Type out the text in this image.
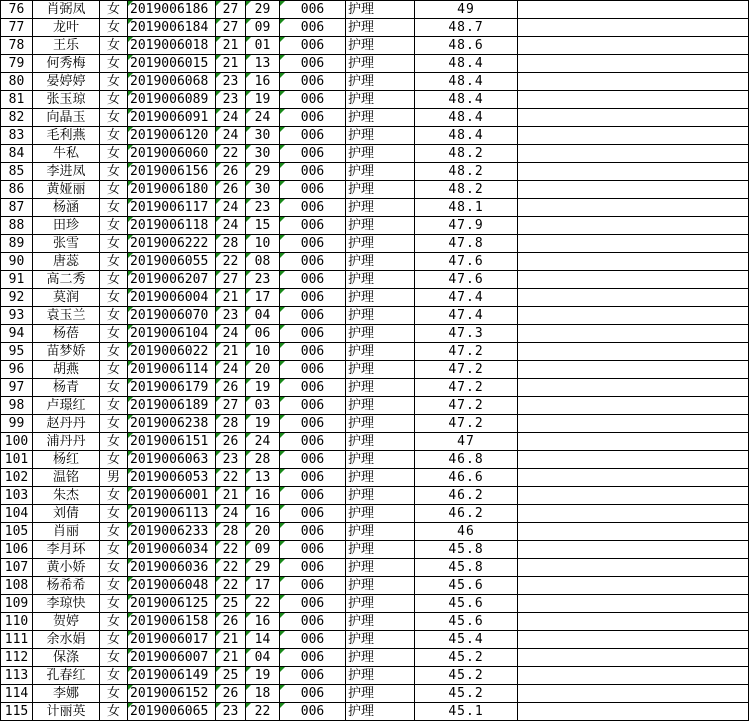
76	肖弼凤	女	2019006186	27	29	006	护理	49	
77	龙叶	女	2019006184	27	09	006	护理	48.7	
78	王乐	女	2019006018	21	01	006	护理	48.6	
79	何秀梅	女	2019006015	21	13	006	护理	48.4	
80	晏婷婷	女	2019006068	23	16	006	护理	48.4	
81	张玉琼	女	2019006089	23	19	006	护理	48.4	
82	向晶玉	女	2019006091	24	24	006	护理	48.4	
83	毛利燕	女	2019006120	24	30	006	护理	48.4	
84	牛私	女	2019006060	22	30	006	护理	48.2	
85	李进凤	女	2019006156	26	29	006	护理	48.2	
86	黄娅丽	女	2019006180	26	30	006	护理	48.2	
87	杨涵	女	2019006117	24	23	006	护理	48.1	
88	田珍	女	2019006118	24	15	006	护理	47.9	
89	张雪	女	2019006222	28	10	006	护理	47.8	
90	唐蕊	女	2019006055	22	08	006	护理	47.6	
91	高二秀	女	2019006207	27	23	006	护理	47.6	
92	莫润	女	2019006004	21	17	006	护理	47.4	
93	袁玉兰	女	2019006070	23	04	006	护理	47.4	
94	杨蓓	女	2019006104	24	06	006	护理	47.3	
95	苗梦娇	女	2019006022	21	10	006	护理	47.2	
96	胡燕	女	2019006114	24	20	006	护理	47.2	
97	杨青	女	2019006179	26	19	006	护理	47.2	
98	卢璟红	女	2019006189	27	03	006	护理	47.2	
99	赵丹丹	女	2019006238	28	19	006	护理	47.2	
100	浦丹丹	女	2019006151	26	24	006	护理	47	
101	杨红	女	2019006063	23	28	006	护理	46.8	
102	温铭	男	2019006053	22	13	006	护理	46.6	
103	朱杰	女	2019006001	21	16	006	护理	46.2	
104	刘倩	女	2019006113	24	16	006	护理	46.2	
105	肖丽	女	2019006233	28	20	006	护理	46	
106	李月环	女	2019006034	22	09	006	护理	45.8	
107	黄小娇	女	2019006036	22	29	006	护理	45.8	
108	杨希希	女	2019006048	22	17	006	护理	45.6	
109	李琼快	女	2019006125	25	22	006	护理	45.6	
110	贺婷	女	2019006158	26	16	006	护理	45.6	
111	余水娟	女	2019006017	21	14	006	护理	45.4	
112	保涤	女	2019006007	21	04	006	护理	45.2	
113	孔春红	女	2019006149	25	19	006	护理	45.2	
114	李娜	女	2019006152	26	18	006	护理	45.2	
115	计丽英	女	2019006065	23	22	006	护理	45.1	
